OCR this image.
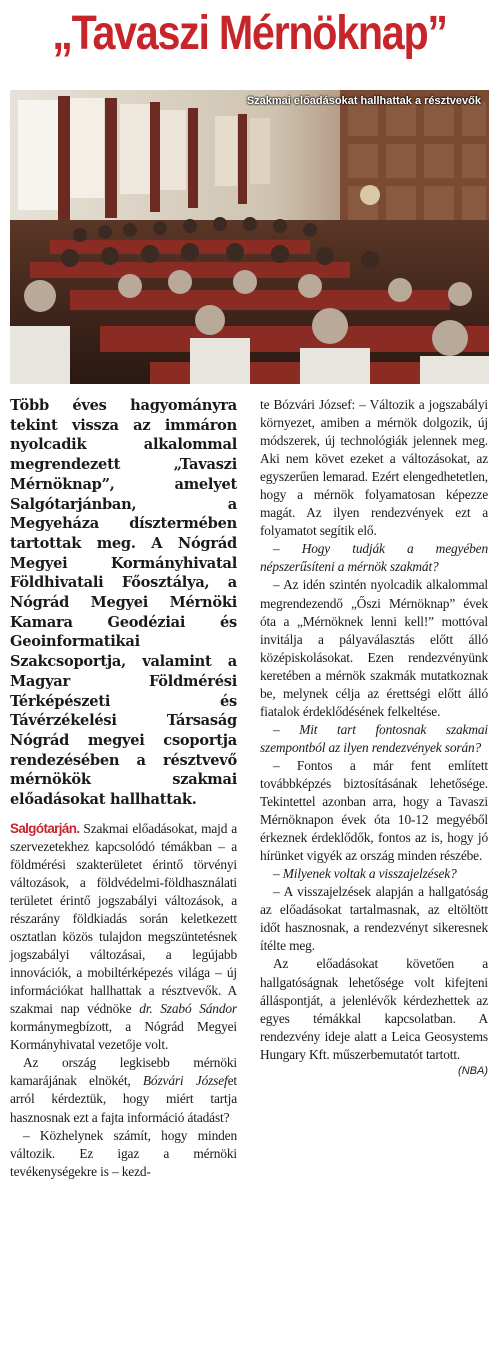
„Tavaszi Mérnöknap”
Szakmai előadásokat hallhattak a résztvevők

Több éves hagyományra tekint vissza az immáron nyolcadik alkalommal megrendezett „Tavaszi Mérnöknap”, amelyet Salgótarjánban, a Megyeháza dísztermében tartottak meg. A Nógrád Megyei Kormányhivatal Földhivatali Főosztálya, a Nógrád Megyei Mérnöki Kamara Geodéziai és Geoinformatikai Szakcsoportja, valamint a Magyar Földmérési Térképészeti és Távérzékelési Társaság Nógrád megyei csoportja rendezésében a résztvevő mérnökök szakmai előadásokat hallhattak.

Salgótarján. Szakmai előadásokat, majd a szervezetekhez kapcsolódó témákban – a földmérési szakterületet érintő törvényi változások, a földvédelmi-földhasználati területet érintő jogszabályi változások, a részarány földkiadás során keletkezett osztatlan közös tulajdon megszüntetésnek jogszabályi változásai, a legújabb innovációk, a mobiltérképezés világa – új információkat hallhattak a résztvevők. A szakmai nap védnöke dr. Szabó Sándor kormánymegbízott, a Nógrád Megyei Kormányhivatal vezetője volt.

Az ország legkisebb mérnöki kamarájának elnökét, Bózvári Józsefet arról kérdeztük, hogy miért tartja hasznosnak ezt a fajta információ átadást?

– Közhelynek számít, hogy minden változik. Ez igaz a mérnöki tevékenységekre is – kezd-

te Bózvári József: – Változik a jogszabályi környezet, amiben a mérnök dolgozik, új módszerek, új technológiák jelennek meg. Aki nem követ ezeket a változásokat, az egyszerűen lemarad. Ezért elengedhetetlen, hogy a mérnök folyamatosan képezze magát. Az ilyen rendezvények ezt a folyamatot segítik elő.

– Hogy tudják a megyében népszerűsíteni a mérnök szakmát?

– Az idén szintén nyolcadik alkalommal megrendezendő „Őszi Mérnöknap” évek óta a „Mérnöknek lenni kell!” mottóval invitálja a pályaválasztás előtt álló középiskolásokat. Ezen rendezvényünk keretében a mérnök szakmák mutatkoznak be, melynek célja az érettségi előtt álló fiatalok érdeklődésének felkeltése.

– Mit tart fontosnak szakmai szempontból az ilyen rendezvények során?

– Fontos a már fent említett továbbképzés biztosításának lehetősége. Tekintettel azonban arra, hogy a Tavaszi Mérnöknapon évek óta 10-12 megyéből érkeznek érdeklődők, fontos az is, hogy jó hírünket vigyék az ország minden részébe.

– Milyenek voltak a visszajelzések?

– A visszajelzések alapján a hallgatóság az előadásokat tartalmasnak, az eltöltött időt hasznosnak, a rendezvényt sikeresnek ítélte meg.

Az előadásokat követően a hallgatóságnak lehetősége volt kifejteni álláspontját, a jelenlévők kérdezhettek az egyes témákkal kapcsolatban. A rendezvény ideje alatt a Leica Geosystems Hungary Kft. műszerbemutatót tartott.

(NBA)
